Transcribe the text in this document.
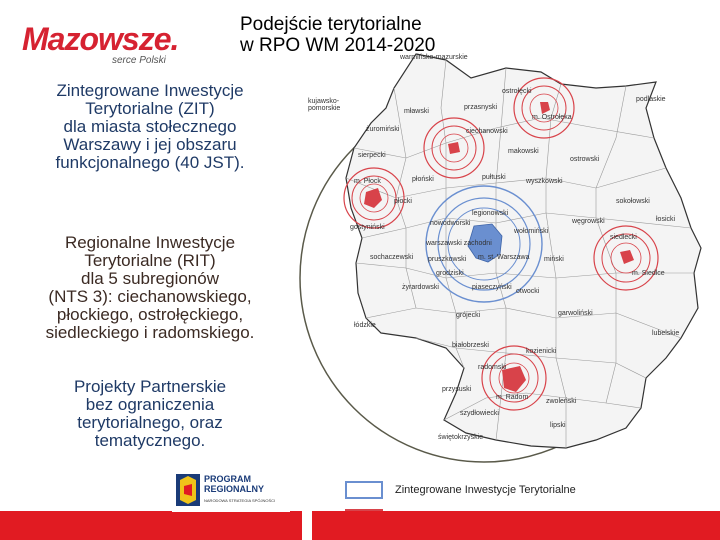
Mazowsze.
serce Polski
Podejście terytorialne
w RPO WM 2014-2020
Zintegrowane Inwestycje
Terytorialne (ZIT)
dla miasta stołecznego
Warszawy i jej obszaru
funkcjonalnego (40 JST).
Regionalne Inwestycje
Terytorialne (RIT)
dla 5 subregionów
(NTS 3): ciechanowskiego,
płockiego, ostrołęckiego,
siedleckiego i radomskiego.
Projekty Partnerskie
bez ograniczenia
terytorialnego, oraz
tematycznego.
warmińsko-mazurskie
kujawsko-pomorskie
podlaskie
łódzkie
lubelskie
świętokrzyskie
ostrołęcki
m. Ostrołęka
ciechanowski
mławski
płocki
m. Płock
sierpecki
płoński
makowski
pułtuski
wyszkowski
legionowski
nowodworski
warszawski zachodni
sochaczewski	m. st. Warszawa
wołomiński
miński
węgrowski
sokołowski
siedlecki
m. Siedlce
łosicki
garwoliński
otwocki
piaseczyński
grodziski
żyrardowski
grójecki
białobrzeski
przysuski
radomski
m. Radom
szydłowiecki
zwoleński
lipski
kozienicki
gostyniński
żuromiński
przasnyski
ostrowski
pruszkowski
Zintegrowane Inwestycje Terytorialne
PROGRAM
REGIONALNY
NARODOWA STRATEGIA SPÓJNOŚCI
